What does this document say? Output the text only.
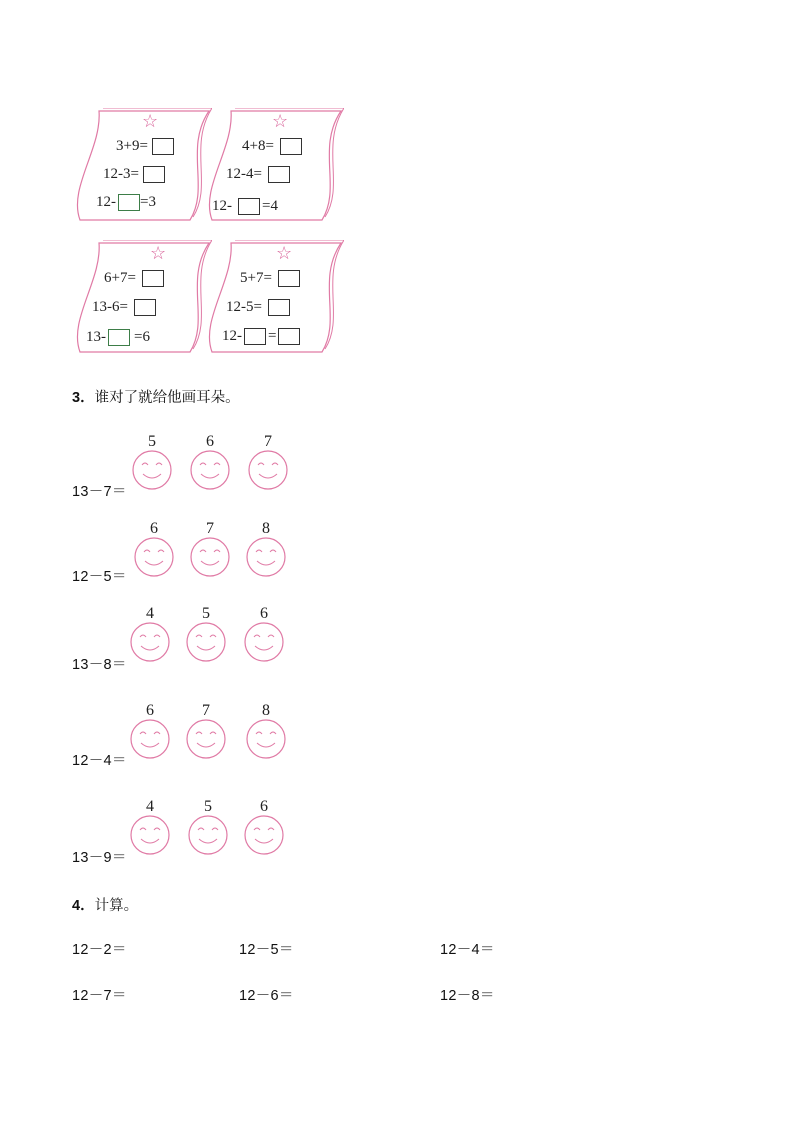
☆
3+9=
12-3=
12- =3
☆
4+8=
12-4=
12- =4
☆
6+7=
13-6=
13- =6
☆
5+7=
12-5=
12- =
3．谁对了就给他画耳朵。
13－7＝
5	6	7
12－5＝
6	7	8
13－8＝
4	5	6
12－4＝
6	7	8
13－9＝
4	5	6
4．计算。
12－2＝	12－5＝	12－4＝
12－7＝	12－6＝	12－8＝
